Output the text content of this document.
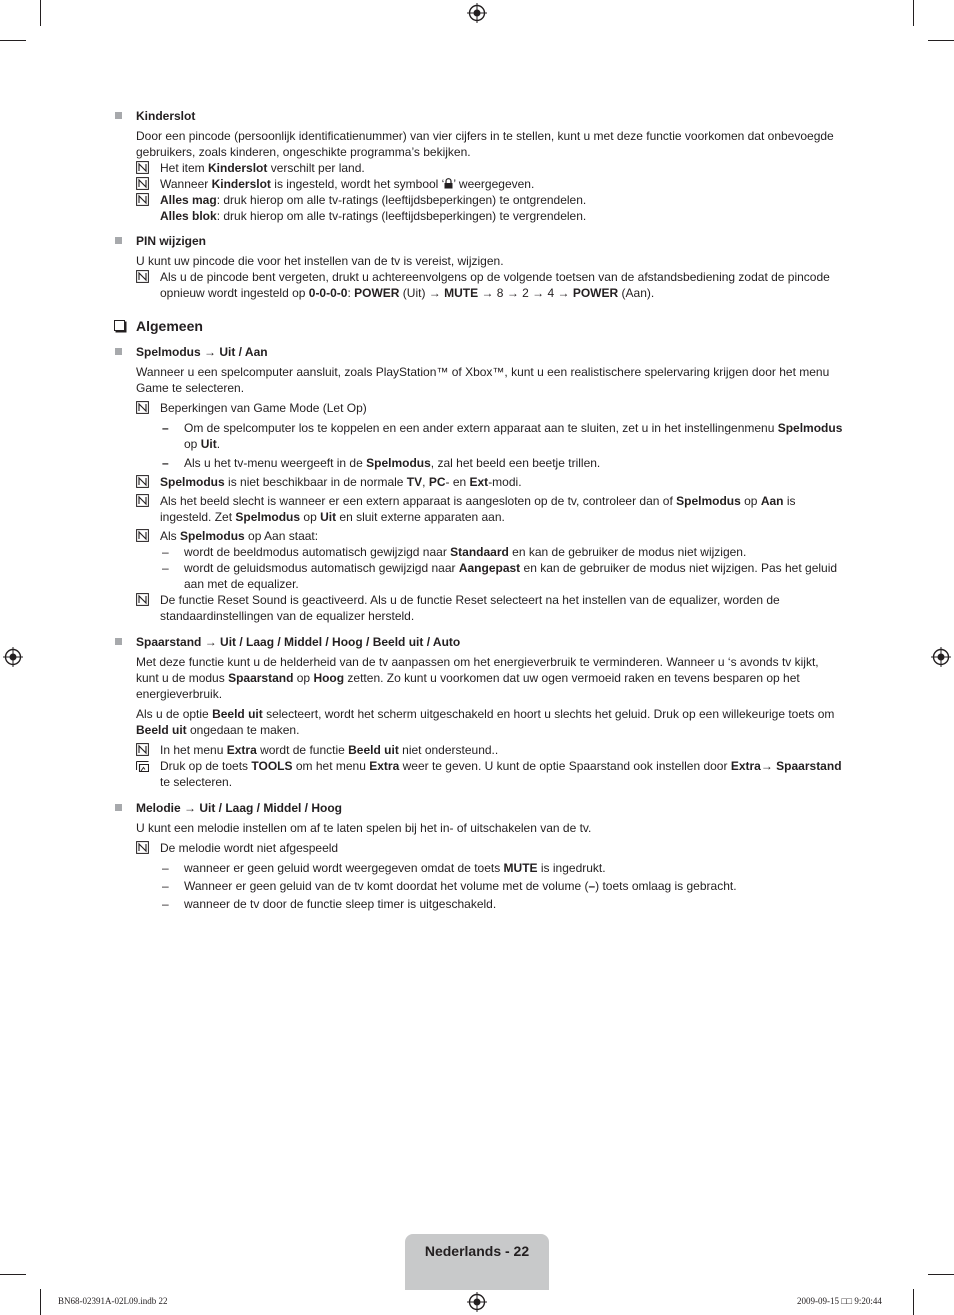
Kinderslot
Door een pincode (persoonlijk identificatienummer) van vier cijfers in te stellen, kunt u met deze functie voorkomen dat onbevoegde gebruikers, zoals kinderen, ongeschikte programma’s bekijken.
Het item Kinderslot verschilt per land.
Wanneer Kinderslot is ingesteld, wordt het symbool ‘ ’ weergegeven.
Alles mag: druk hierop om alle tv-ratings (leeftijdsbeperkingen) te ontgrendelen.
Alles blok: druk hierop om alle tv-ratings (leeftijdsbeperkingen) te vergrendelen.
PIN wijzigen
U kunt uw pincode die voor het instellen van de tv is vereist, wijzigen.
Als u de pincode bent vergeten, drukt u achtereenvolgens op de volgende toetsen van de afstandsbediening zodat de pincode opnieuw wordt ingesteld op 0-0-0-0: POWER (Uit) → MUTE → 8 → 2 → 4 → POWER (Aan).
Algemeen
Spelmodus → Uit / Aan
Wanneer u een spelcomputer aansluit, zoals PlayStation™ of Xbox™, kunt u een realistischere spelervaring krijgen door het menu Game te selecteren.
Beperkingen van Game Mode (Let Op)
– Om de spelcomputer los te koppelen en een ander extern apparaat aan te sluiten, zet u in het instellingenmenu Spelmodus op Uit.
– Als u het tv-menu weergeeft in de Spelmodus, zal het beeld een beetje trillen.
Spelmodus is niet beschikbaar in de normale TV, PC- en Ext-modi.
Als het beeld slecht is wanneer er een extern apparaat is aangesloten op de tv, controleer dan of Spelmodus op Aan is ingesteld. Zet Spelmodus op Uit en sluit externe apparaten aan.
Als Spelmodus op Aan staat:
– wordt de beeldmodus automatisch gewijzigd naar Standaard en kan de gebruiker de modus niet wijzigen.
– wordt de geluidsmodus automatisch gewijzigd naar Aangepast en kan de gebruiker de modus niet wijzigen. Pas het geluid aan met de equalizer.
De functie Reset Sound is geactiveerd. Als u de functie Reset selecteert na het instellen van de equalizer, worden de standaardinstellingen van de equalizer hersteld.
Spaarstand → Uit / Laag / Middel / Hoog / Beeld uit / Auto
Met deze functie kunt u de helderheid van de tv aanpassen om het energieverbruik te verminderen. Wanneer u ‘s avonds tv kijkt, kunt u de modus Spaarstand op Hoog zetten. Zo kunt u voorkomen dat uw ogen vermoeid raken en tevens besparen op het energieverbruik.
Als u de optie Beeld uit selecteert, wordt het scherm uitgeschakeld en hoort u slechts het geluid. Druk op een willekeurige toets om Beeld uit ongedaan te maken.
In het menu Extra wordt de functie Beeld uit niet ondersteund..
Druk op de toets TOOLS om het menu Extra weer te geven. U kunt de optie Spaarstand ook instellen door Extra→ Spaarstand te selecteren.
Melodie → Uit / Laag / Middel / Hoog
U kunt een melodie instellen om af te laten spelen bij het in- of uitschakelen van de tv.
De melodie wordt niet afgespeeld
– wanneer er geen geluid wordt weergegeven omdat de toets MUTE is ingedrukt.
– Wanneer er geen geluid van de tv komt doordat het volume met de volume (–) toets omlaag is gebracht.
– wanneer de tv door de functie sleep timer is uitgeschakeld.
Nederlands - 22
BN68-02391A-02L09.indb 22	2009-09-15 □□ 9:20:44
